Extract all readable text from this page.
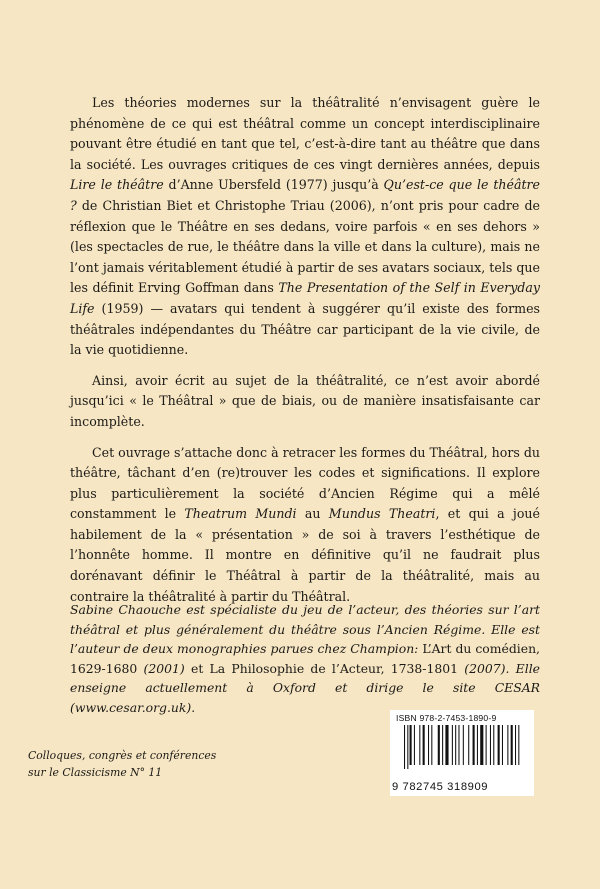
Les théories modernes sur la théâtralité n’envisagent guère le phénomène de ce qui est théâtral comme un concept interdisciplinaire pouvant être étudié en tant que tel, c’est-à-dire tant au théâtre que dans la société. Les ouvrages critiques de ces vingt dernières années, depuis Lire le théâtre d’Anne Ubersfeld (1977) jusqu’à Qu’est-ce que le théâtre ? de Christian Biet et Christophe Triau (2006), n’ont pris pour cadre de réflexion que le Théâtre en ses dedans, voire parfois « en ses dehors » (les spectacles de rue, le théâtre dans la ville et dans la culture), mais ne l’ont jamais véritablement étudié à partir de ses avatars sociaux, tels que les définit Erving Goffman dans The Presentation of the Self in Everyday Life (1959) — avatars qui tendent à suggérer qu’il existe des formes théâtrales indépendantes du Théâtre car participant de la vie civile, de la vie quotidienne.

Ainsi, avoir écrit au sujet de la théâtralité, ce n’est avoir abordé jusqu’ici « le Théâtral » que de biais, ou de manière insatisfaisante car incomplète.

Cet ouvrage s’attache donc à retracer les formes du Théâtral, hors du théâtre, tâchant d’en (re)trouver les codes et significations. Il explore plus particulièrement la société d’Ancien Régime qui a mêlé constamment le Theatrum Mundi au Mundus Theatri, et qui a joué habilement de la « présentation » de soi à travers l’esthétique de l’honnête homme. Il montre en définitive qu’il ne faudrait plus dorénavant définir le Théâtral à partir de la théâtralité, mais au contraire la théâtralité à partir du Théâtral.

Sabine Chaouche est spécialiste du jeu de l’acteur, des théories sur l’art théâtral et plus généralement du théâtre sous l’Ancien Régime. Elle est l’auteur de deux monographies parues chez Champion: L’Art du comédien, 1629-1680 (2001) et La Philosophie de l’Acteur, 1738-1801 (2007). Elle enseigne actuellement à Oxford et dirige le site CESAR (www.cesar.org.uk).

Colloques, congrès et conférences
sur le Classicisme N° 11
ISBN 978-2-7453-1890-9
9 782745 318909
